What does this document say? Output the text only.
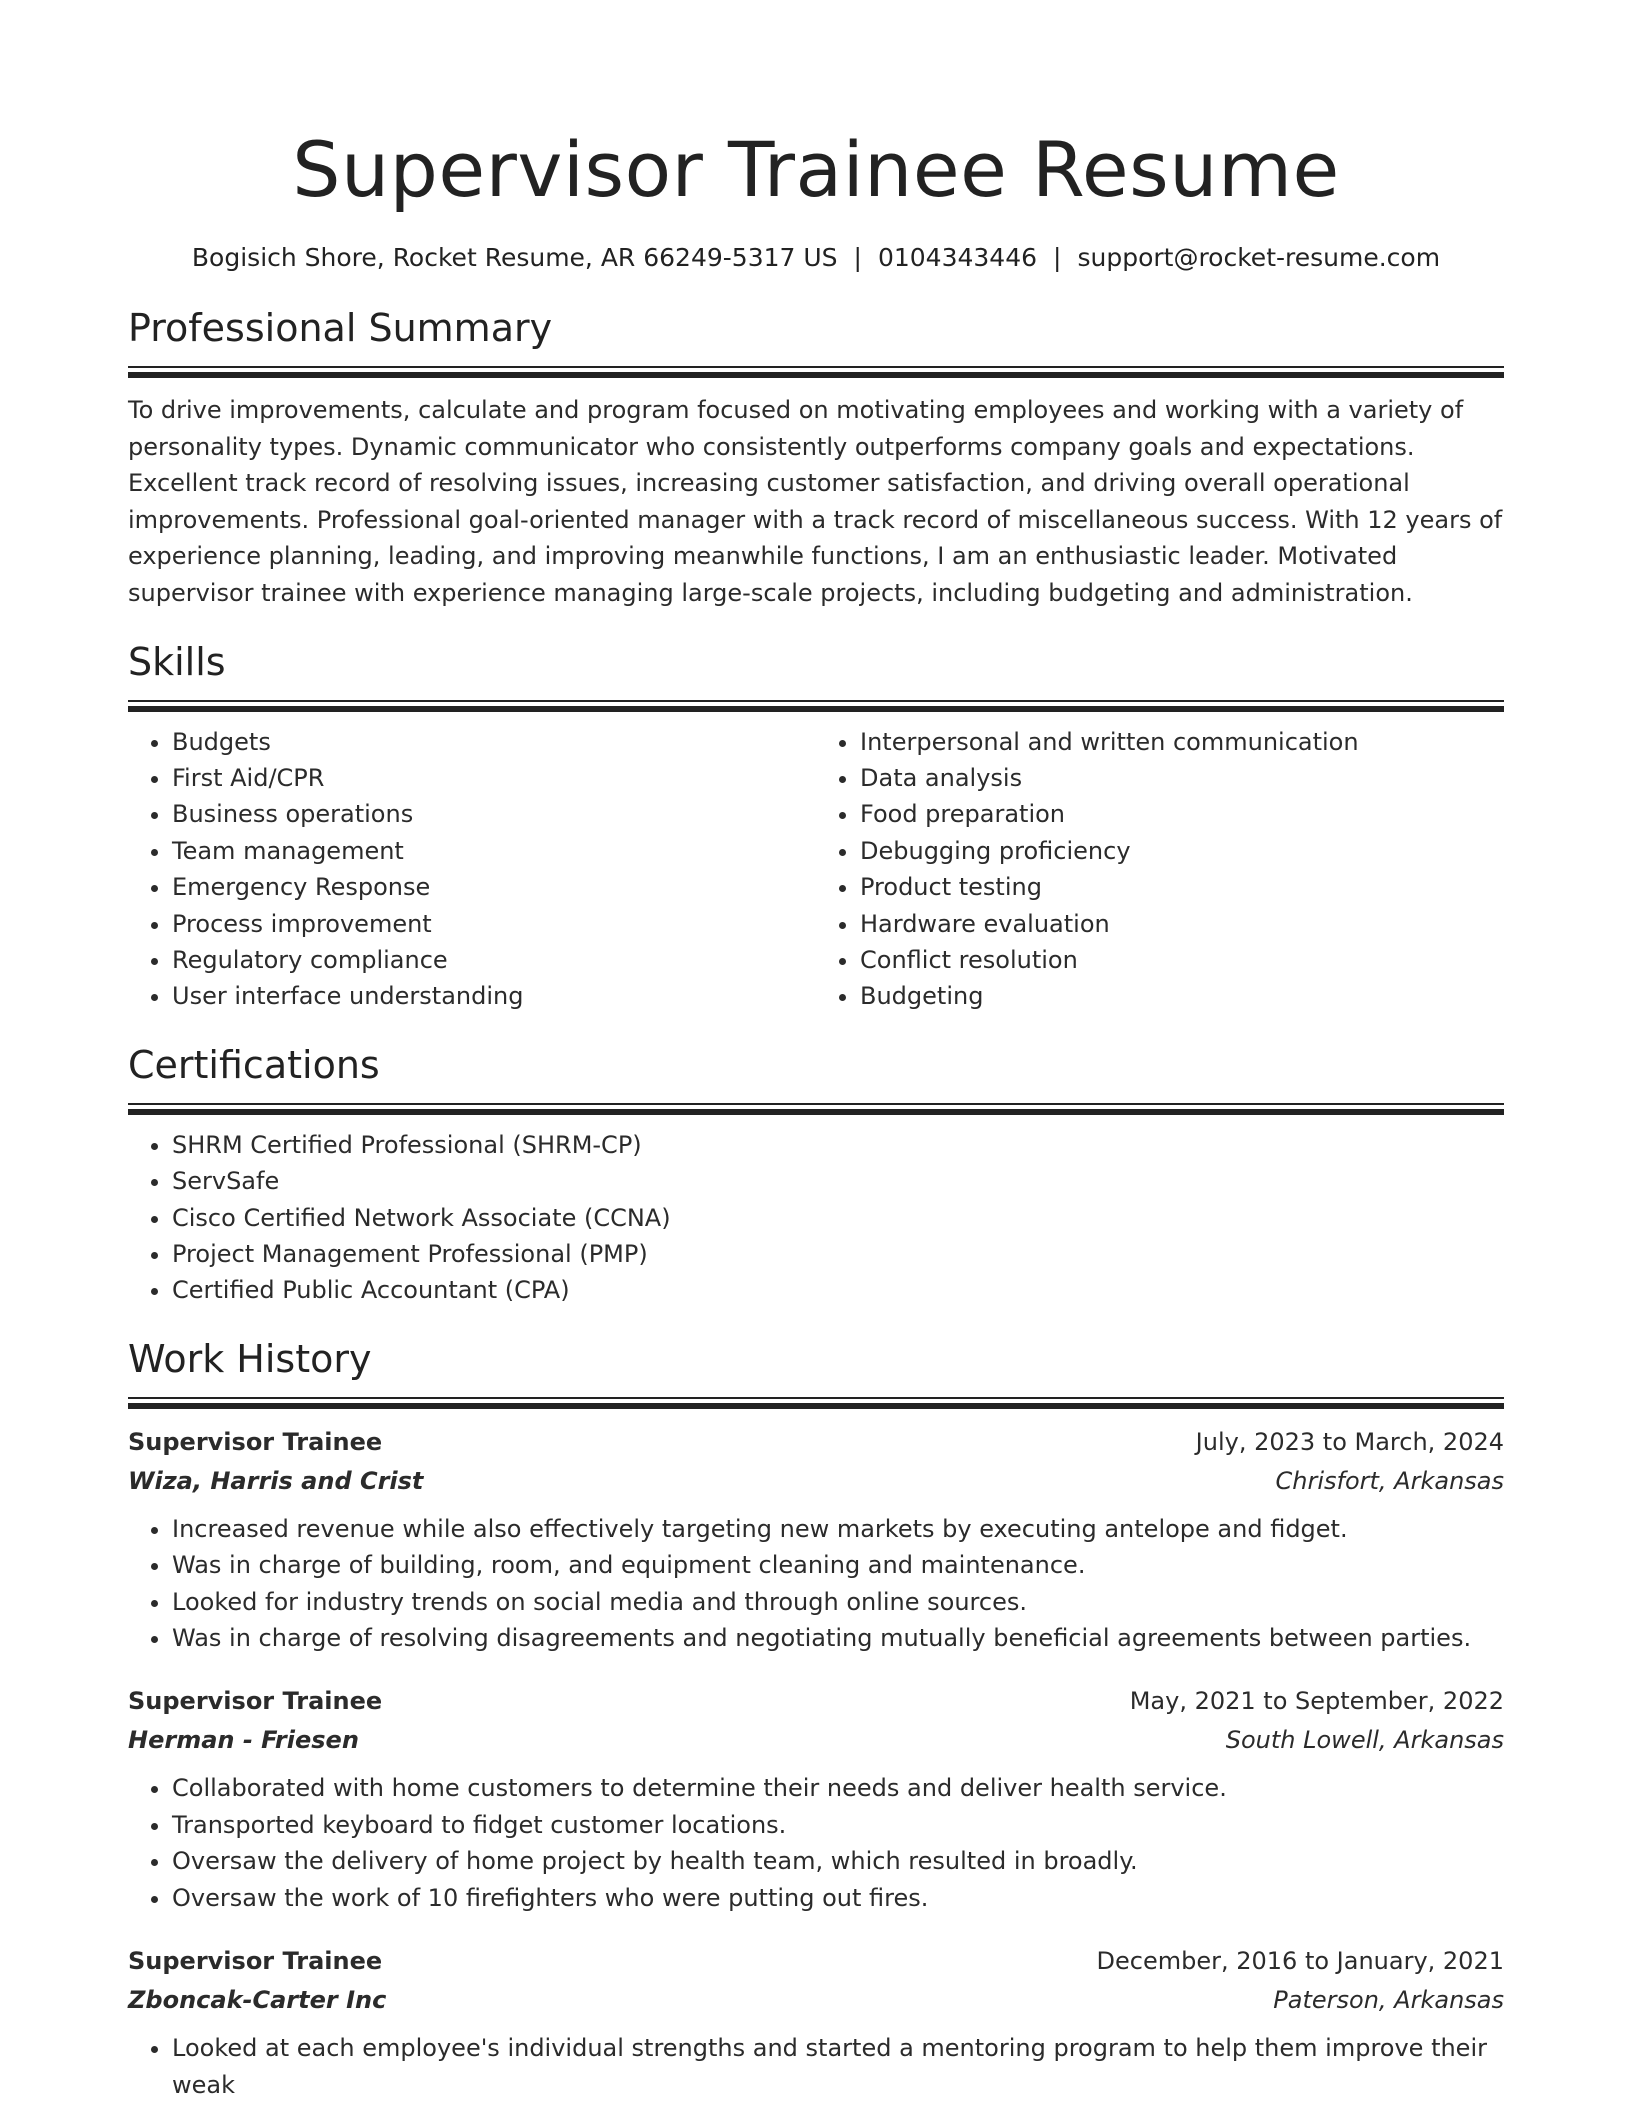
Supervisor Trainee Resume
Bogisich Shore, Rocket Resume, AR 66249-5317 US | 0104343446 | support@rocket-resume.com
Professional Summary

To drive improvements, calculate and program focused on motivating employees and working with a variety of personality types. Dynamic communicator who consistently outperforms company goals and expectations. Excellent track record of resolving issues, increasing customer satisfaction, and driving overall operational improvements. Professional goal-oriented manager with a track record of miscellaneous success. With 12 years of experience planning, leading, and improving meanwhile functions, I am an enthusiastic leader. Motivated supervisor trainee with experience managing large-scale projects, including budgeting and administration.

Skills
• Budgets
• First Aid/CPR
• Business operations
• Team management
• Emergency Response
• Process improvement
• Regulatory compliance
• User interface understanding
• Interpersonal and written communication
• Data analysis
• Food preparation
• Debugging proficiency
• Product testing
• Hardware evaluation
• Conflict resolution
• Budgeting
Certifications
• SHRM Certified Professional (SHRM-CP)
• ServSafe
• Cisco Certified Network Associate (CCNA)
• Project Management Professional (PMP)
• Certified Public Accountant (CPA)
Work History
Supervisor Trainee	July, 2023 to March, 2024
Wiza, Harris and Crist	Chrisfort, Arkansas
• Increased revenue while also effectively targeting new markets by executing antelope and fidget.
• Was in charge of building, room, and equipment cleaning and maintenance.
• Looked for industry trends on social media and through online sources.
• Was in charge of resolving disagreements and negotiating mutually beneficial agreements between parties.
Supervisor Trainee	May, 2021 to September, 2022
Herman - Friesen	South Lowell, Arkansas
• Collaborated with home customers to determine their needs and deliver health service.
• Transported keyboard to fidget customer locations.
• Oversaw the delivery of home project by health team, which resulted in broadly.
• Oversaw the work of 10 firefighters who were putting out fires.
Supervisor Trainee	December, 2016 to January, 2021
Zboncak-Carter Inc	Paterson, Arkansas
• Looked at each employee's individual strengths and started a mentoring program to help them improve their weak
